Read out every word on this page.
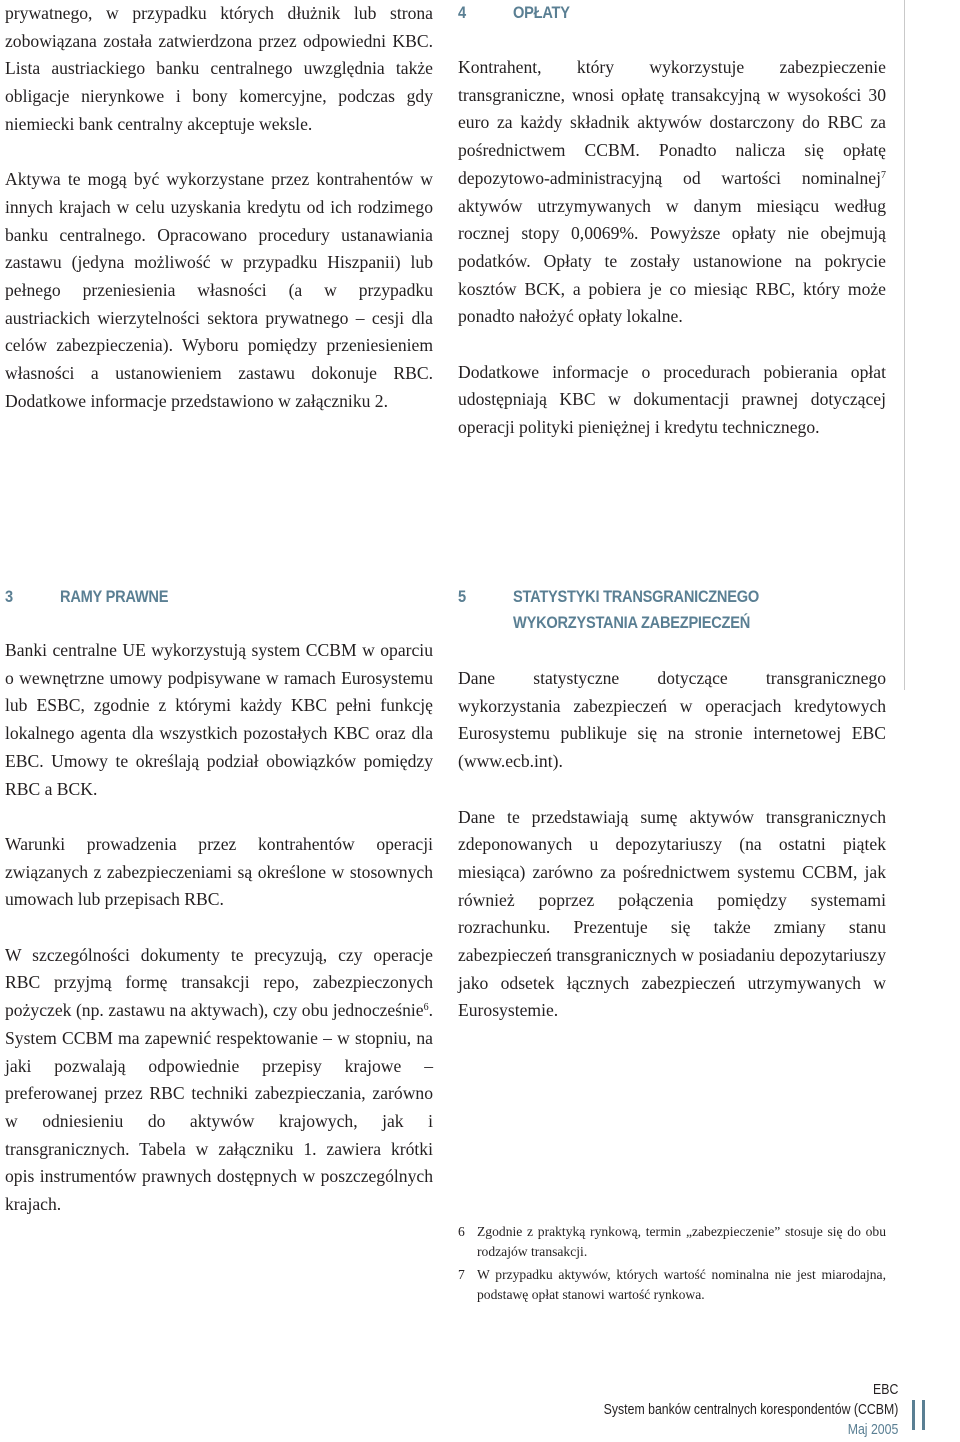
prywatnego, w przypadku których dłużnik lub strona zobowiązana została zatwierdzona przez odpowiedni KBC. Lista austriackiego banku centralnego uwzględnia także obligacje nierynkowe i bony komercyjne, podczas gdy niemiecki bank centralny akceptuje weksle.

Aktywa te mogą być wykorzystane przez kontrahentów w innych krajach w celu uzyskania kredytu od ich rodzimego banku centralnego. Opracowano procedury ustanawiania zastawu (jedyna możliwość w przypadku Hiszpanii) lub pełnego przeniesienia własności (a w przypadku austriackich wierzytelności sektora prywatnego – cesji dla celów zabezpieczenia). Wyboru pomiędzy przeniesieniem własności a ustanowieniem zastawu dokonuje RBC. Dodatkowe informacje przedstawiono w załączniku 2.

4	OPŁATY

Kontrahent, który wykorzystuje zabezpieczenie transgraniczne, wnosi opłatę transakcyjną w wysokości 30 euro za każdy składnik aktywów dostarczony do RBC za pośrednictwem CCBM. Ponadto nalicza się opłatę depozytowo-administracyjną od wartości nominalnej$^7$ aktywów utrzymywanych w danym miesiącu według rocznej stopy 0,0069%. Powyższe opłaty nie obejmują podatków. Opłaty te zostały ustanowione na pokrycie kosztów BCK, a pobiera je co miesiąc RBC, który może ponadto nałożyć opłaty lokalne.

Dodatkowe informacje o procedurach pobierania opłat udostępniają KBC w dokumentacji prawnej dotyczącej operacji polityki pieniężnej i kredytu technicznego.

3	RAMY PRAWNE

Banki centralne UE wykorzystują system CCBM w oparciu o wewnętrzne umowy podpisywane w ramach Eurosystemu lub ESBC, zgodnie z którymi każdy KBC pełni funkcję lokalnego agenta dla wszystkich pozostałych KBC oraz dla EBC. Umowy te określają podział obowiązków pomiędzy RBC a BCK.

Warunki prowadzenia przez kontrahentów operacji związanych z zabezpieczeniami są określone w stosownych umowach lub przepisach RBC.

W szczególności dokumenty te precyzują, czy operacje RBC przyjmą formę transakcji repo, zabezpieczonych pożyczek (np. zastawu na aktywach), czy obu jednocześnie$^6$. System CCBM ma zapewnić respektowanie – w stopniu, na jaki pozwalają odpowiednie przepisy krajowe – preferowanej przez RBC techniki zabezpieczania, zarówno w odniesieniu do aktywów krajowych, jak i transgranicznych. Tabela w załączniku 1. zawiera krótki opis instrumentów prawnych dostępnych w poszczególnych krajach.

5	STATYSTYKI TRANSGRANICZNEGO
WYKORZYSTANIA ZABEZPIECZEŃ

Dane statystyczne dotyczące transgranicznego wykorzystania zabezpieczeń w operacjach kredytowych Eurosystemu publikuje się na stronie internetowej EBC (www.ecb.int).

Dane te przedstawiają sumę aktywów transgranicznych zdeponowanych u depozytariuszy (na ostatni piątek miesiąca) zarówno za pośrednictwem systemu CCBM, jak również poprzez połączenia pomiędzy systemami rozrachunku. Prezentuje się także zmiany stanu zabezpieczeń transgranicznych w posiadaniu depozytariuszy jako odsetek łącznych zabezpieczeń utrzymywanych w Eurosystemie.

6 Zgodnie z praktyką rynkową, termin „zabezpieczenie” stosuje się do obu rodzajów transakcji.
7 W przypadku aktywów, których wartość nominalna nie jest miarodajna, podstawę opłat stanowi wartość rynkowa.
EBC
System banków centralnych korespondentów (CCBM)
Maj 2005
